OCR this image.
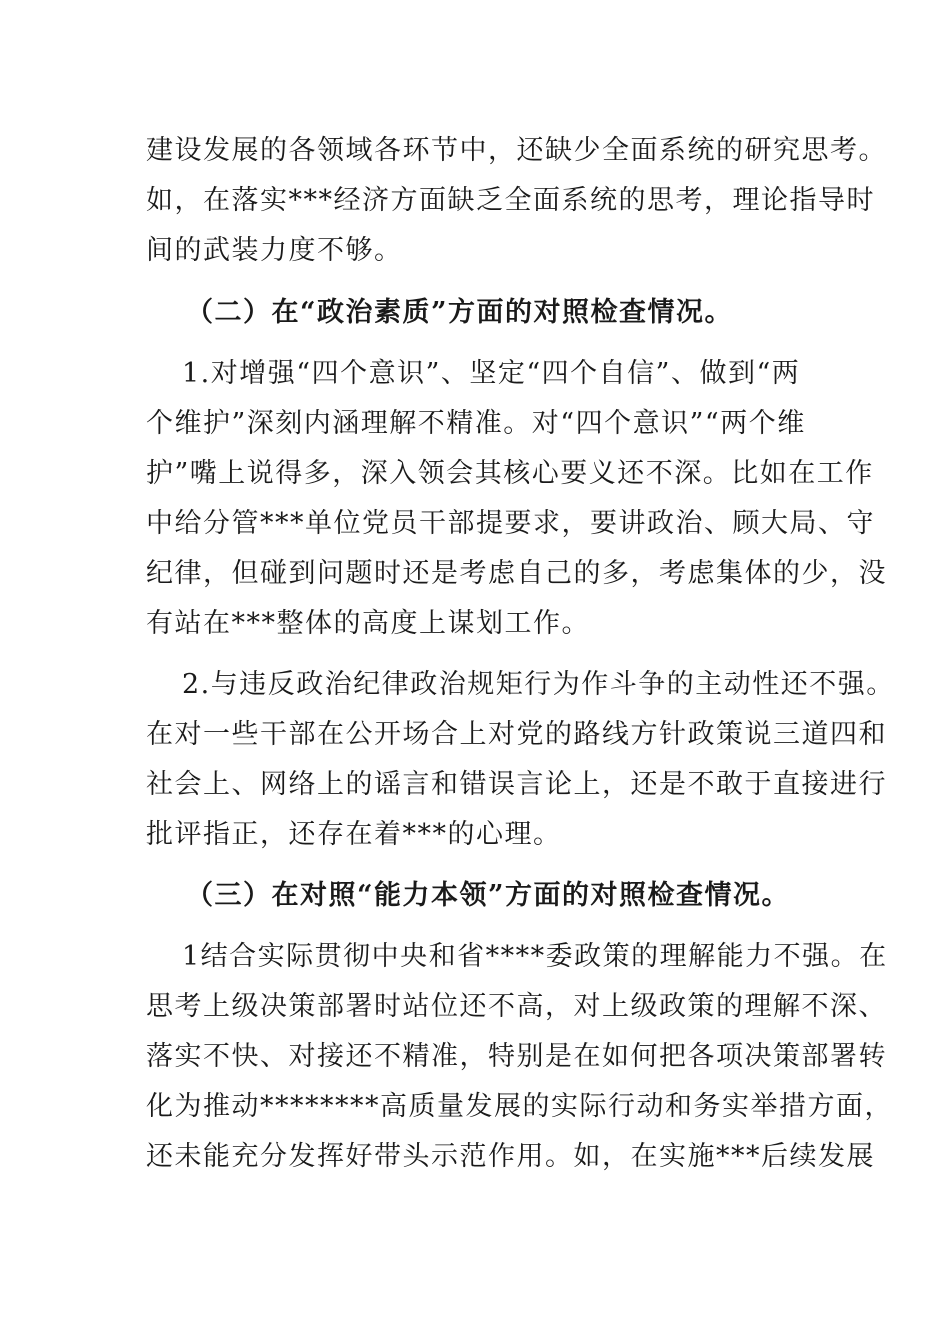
建设发展的各领域各环节中，还缺少全面系统的研究思考。
如，在落实***经济方面缺乏全面系统的思考，理论指导时
间的武装力度不够。
（二）在“政治素质”方面的对照检查情况。
1.对增强“四个意识”、坚定“四个自信”、做到“两
个维护”深刻内涵理解不精准。对“四个意识”“两个维
护”嘴上说得多，深入领会其核心要义还不深。比如在工作
中给分管***单位党员干部提要求，要讲政治、顾大局、守
纪律，但碰到问题时还是考虑自己的多，考虑集体的少，没
有站在***整体的高度上谋划工作。
2.与违反政治纪律政治规矩行为作斗争的主动性还不强。
在对一些干部在公开场合上对党的路线方针政策说三道四和
社会上、网络上的谣言和错误言论上，还是不敢于直接进行
批评指正，还存在着***的心理。
（三）在对照“能力本领”方面的对照检查情况。
1结合实际贯彻中央和省****委政策的理解能力不强。在
思考上级决策部署时站位还不高，对上级政策的理解不深、
落实不快、对接还不精准，特别是在如何把各项决策部署转
化为推动********高质量发展的实际行动和务实举措方面，
还未能充分发挥好带头示范作用。如，在实施***后续发展
